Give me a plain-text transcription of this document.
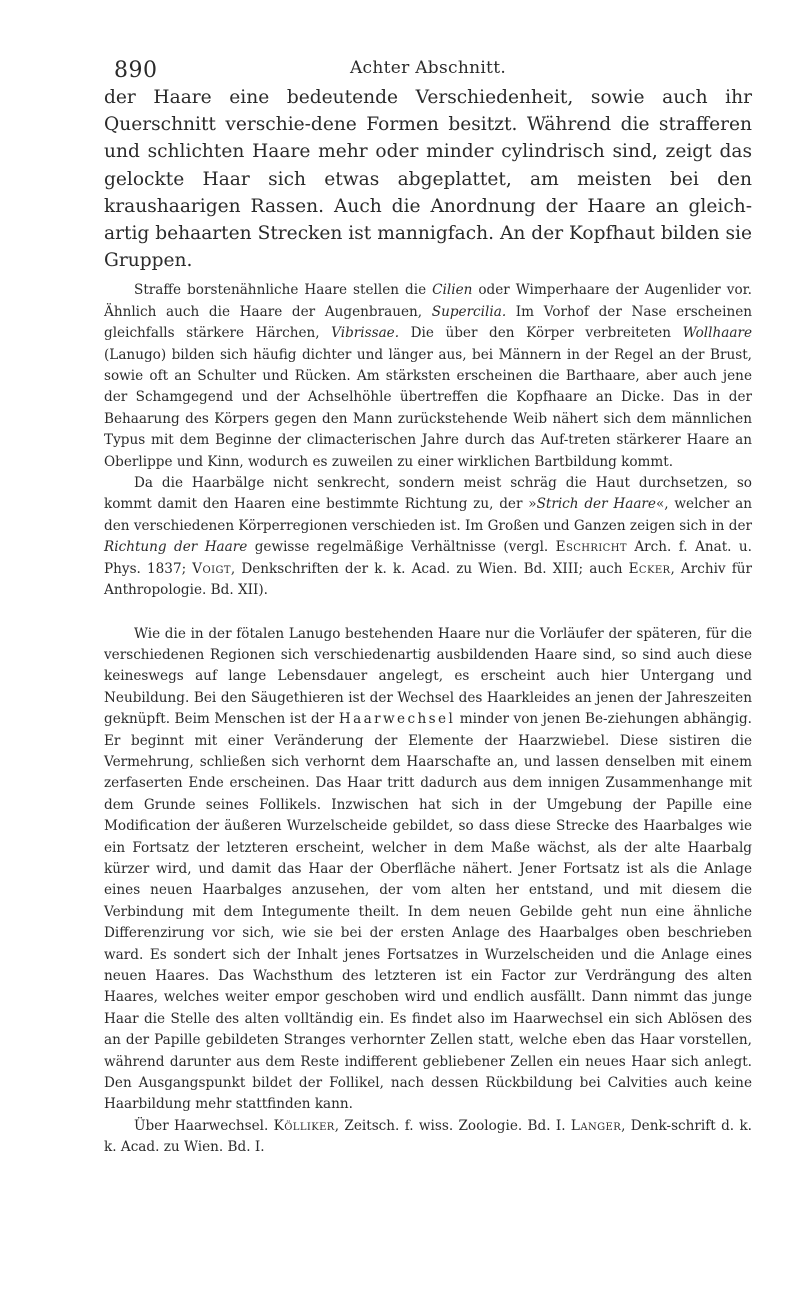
890	Achter Abschnitt.

der Haare eine bedeutende Verschiedenheit, sowie auch ihr Querschnitt verschie-dene Formen besitzt. Während die strafferen und schlichten Haare mehr oder minder cylindrisch sind, zeigt das gelockte Haar sich etwas abgeplattet, am meisten bei den kraushaarigen Rassen. Auch die Anordnung der Haare an gleich-artig behaarten Strecken ist mannigfach. An der Kopfhaut bilden sie Gruppen.

Straffe borstenähnliche Haare stellen die Cilien oder Wimperhaare der Augenlider vor. Ähnlich auch die Haare der Augenbrauen, Supercilia. Im Vorhof der Nase erscheinen gleichfalls stärkere Härchen, Vibrissae. Die über den Körper verbreiteten Wollhaare (Lanugo) bilden sich häufig dichter und länger aus, bei Männern in der Regel an der Brust, sowie oft an Schulter und Rücken. Am stärksten erscheinen die Barthaare, aber auch jene der Schamgegend und der Achselhöhle übertreffen die Kopfhaare an Dicke. Das in der Behaarung des Körpers gegen den Mann zurückstehende Weib nähert sich dem männlichen Typus mit dem Beginne der climacterischen Jahre durch das Auf-treten stärkerer Haare an Oberlippe und Kinn, wodurch es zuweilen zu einer wirklichen Bartbildung kommt.

Da die Haarbälge nicht senkrecht, sondern meist schräg die Haut durchsetzen, so kommt damit den Haaren eine bestimmte Richtung zu, der »Strich der Haare«, welcher an den verschiedenen Körperregionen verschieden ist. Im Großen und Ganzen zeigen sich in der Richtung der Haare gewisse regelmäßige Verhältnisse (vergl. Eschricht Arch. f. Anat. u. Phys. 1837; Voigt, Denkschriften der k. k. Acad. zu Wien. Bd. XIII; auch Ecker, Archiv für Anthropologie. Bd. XII).

Wie die in der fötalen Lanugo bestehenden Haare nur die Vorläufer der späteren, für die verschiedenen Regionen sich verschiedenartig ausbildenden Haare sind, so sind auch diese keineswegs auf lange Lebensdauer angelegt, es erscheint auch hier Untergang und Neubildung. Bei den Säugethieren ist der Wechsel des Haarkleides an jenen der Jahreszeiten geknüpft. Beim Menschen ist der Haarwechsel minder von jenen Be-ziehungen abhängig. Er beginnt mit einer Veränderung der Elemente der Haarzwiebel. Diese sistiren die Vermehrung, schließen sich verhornt dem Haarschafte an, und lassen denselben mit einem zerfaserten Ende erscheinen. Das Haar tritt dadurch aus dem innigen Zusammenhange mit dem Grunde seines Follikels. Inzwischen hat sich in der Umgebung der Papille eine Modification der äußeren Wurzelscheide gebildet, so dass diese Strecke des Haarbalges wie ein Fortsatz der letzteren erscheint, welcher in dem Maße wächst, als der alte Haarbalg kürzer wird, und damit das Haar der Oberfläche nähert. Jener Fortsatz ist als die Anlage eines neuen Haarbalges anzusehen, der vom alten her entstand, und mit diesem die Verbindung mit dem Integumente theilt. In dem neuen Gebilde geht nun eine ähnliche Differenzirung vor sich, wie sie bei der ersten Anlage des Haarbalges oben beschrieben ward. Es sondert sich der Inhalt jenes Fortsatzes in Wurzelscheiden und die Anlage eines neuen Haares. Das Wachsthum des letzteren ist ein Factor zur Verdrängung des alten Haares, welches weiter empor geschoben wird und endlich ausfällt. Dann nimmt das junge Haar die Stelle des alten volltändig ein. Es findet also im Haarwechsel ein sich Ablösen des an der Papille gebildeten Stranges verhornter Zellen statt, welche eben das Haar vorstellen, während darunter aus dem Reste indifferent gebliebener Zellen ein neues Haar sich anlegt. Den Ausgangspunkt bildet der Follikel, nach dessen Rückbildung bei Calvities auch keine Haarbildung mehr stattfinden kann.

Über Haarwechsel. Kölliker, Zeitsch. f. wiss. Zoologie. Bd. I. Langer, Denk-schrift d. k. k. Acad. zu Wien. Bd. I.
